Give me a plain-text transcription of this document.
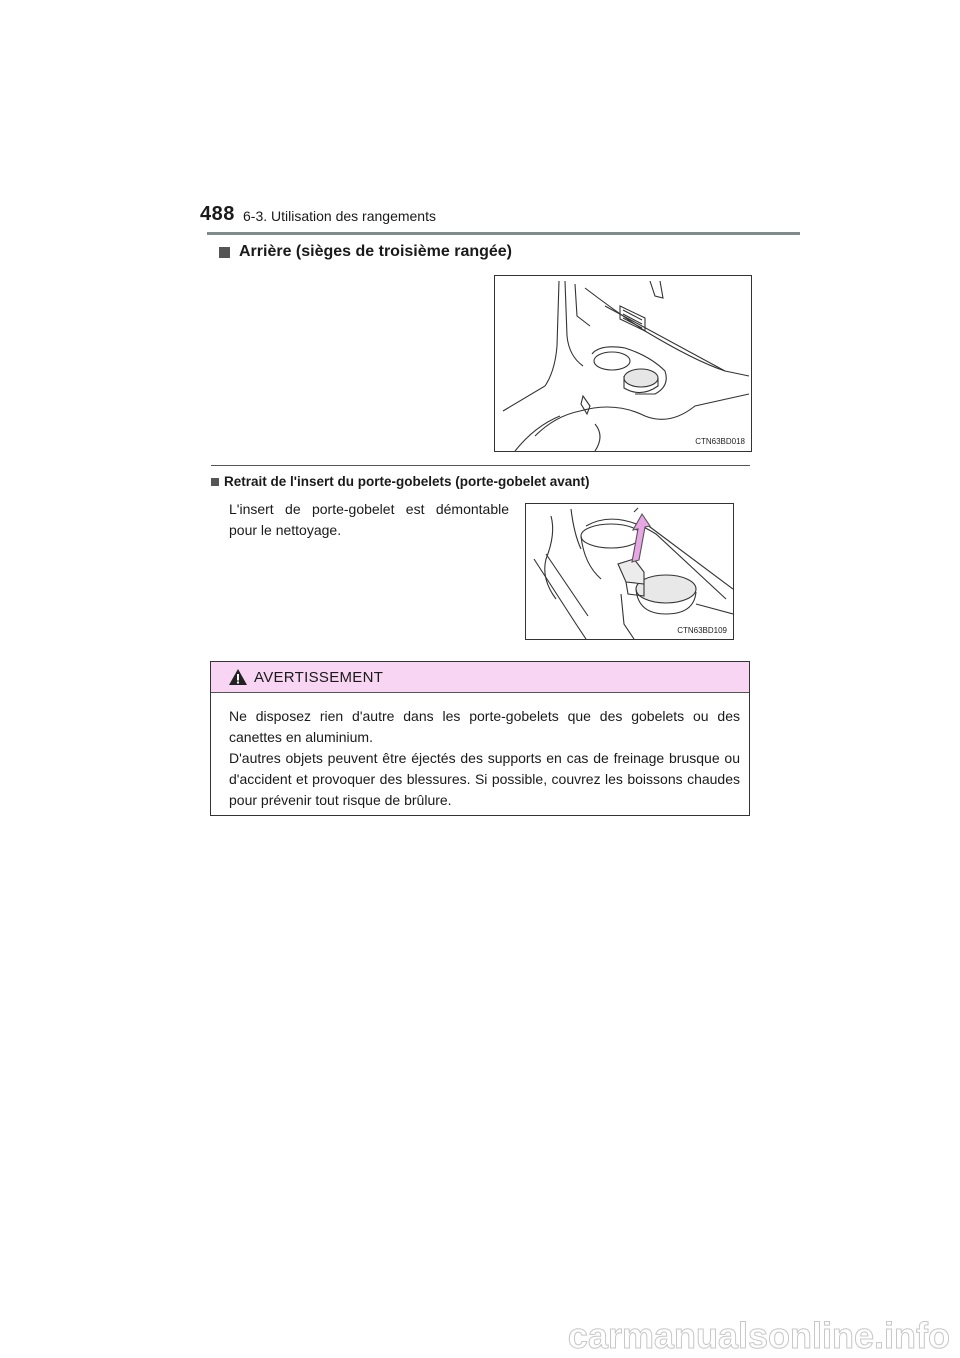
488 6-3. Utilisation des rangements
Arrière (sièges de troisième rangée)
CTN63BD018
Retrait de l'insert du porte-gobelets (porte-gobelet avant)
L'insert de porte-gobelet est démontable pour le nettoyage.
CTN63BD109
AVERTISSEMENT

Ne disposez rien d'autre dans les porte-gobelets que des gobelets ou des canettes en aluminium.

D'autres objets peuvent être éjectés des supports en cas de freinage brusque ou d'accident et provoquer des blessures. Si possible, couvrez les boissons chaudes pour prévenir tout risque de brûlure.

carmanualsonline.info
